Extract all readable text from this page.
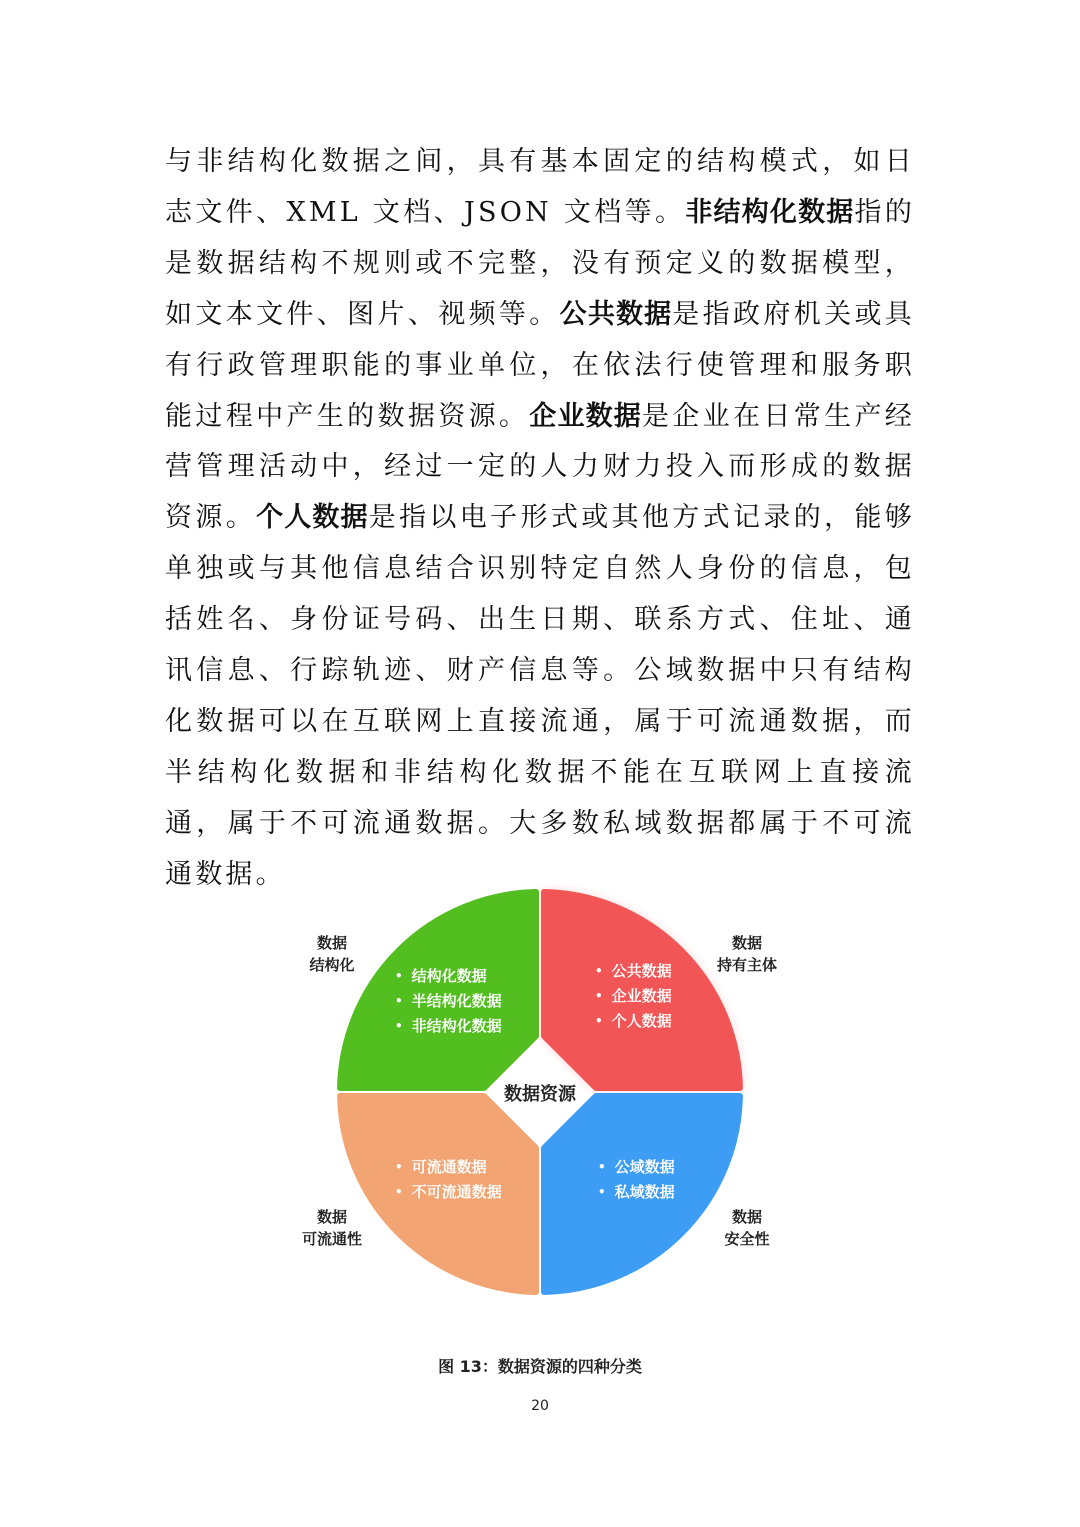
与非结构化数据之间，具有基本固定的结构模式，如日志文件、XML 文档、JSON 文档等。非结构化数据指的是数据结构不规则或不完整，没有预定义的数据模型，如文本文件、图片、视频等。公共数据是指政府机关或具有行政管理职能的事业单位，在依法行使管理和服务职能过程中产生的数据资源。企业数据是企业在日常生产经营管理活动中，经过一定的人力财力投入而形成的数据资源。个人数据是指以电子形式或其他方式记录的，能够单独或与其他信息结合识别特定自然人身份的信息，包括姓名、身份证号码、出生日期、联系方式、住址、通讯信息、行踪轨迹、财产信息等。公域数据中只有结构化数据可以在互联网上直接流通，属于可流通数据，而半结构化数据和非结构化数据不能在互联网上直接流通，属于不可流通数据。大多数私域数据都属于不可流通数据。
数据
结构化
数据
持有主体
数据
可流通性
数据
安全性
• 结构化数据
• 半结构化数据
• 非结构化数据
• 公共数据
• 企业数据
• 个人数据
• 可流通数据
• 不可流通数据
• 公域数据
• 私域数据
数据资源
图 13：数据资源的四种分类
20
